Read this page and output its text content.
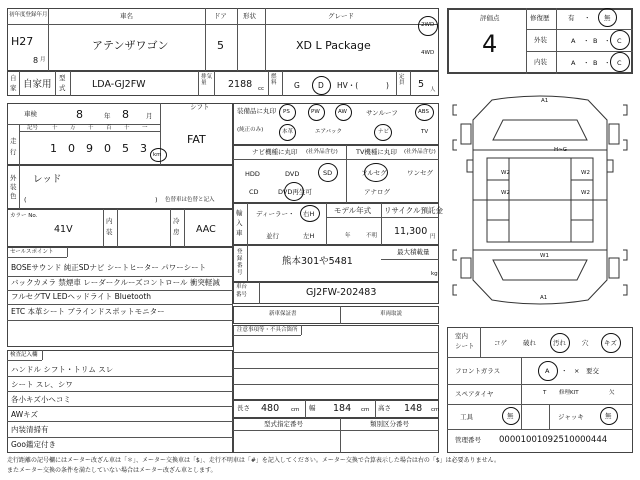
初年度登録年月
H27
8 月
車名
アテンザワゴン
ドア
5
形状	グレード
XD L Package
2WD
4WD
自
家 自家用
型
式	LDA-GJ2FW
排気量	2188 cc
燃料	G D HV・(	)
定員	5 人
評価点
4
修復歴	有 ・ 無
外装	A ・ B ・ C
内装	A ・ B ・ C
車検	8	年 8	月
シフト
FAT
走
行
記号	十 万 千 百 十 一
1 0 9 0 5 3 km
装備品に丸印
(純正のみ)
PS	PW	AW	サンルーフ	ABS
本革	エアバック	ナビ	TV
ナビ機種に丸印 (社外品含む)
HDD	DVD	SD
CD	DVD再生可
TV機種に丸印 (社外品含む)
フルセグ	ワンセグ
アナログ
外
装
色
レッド
(	) 色替車は色替と記入
カラー No.
41V
内
装
冷
房 AAC
輸
入
車
ディーラー・ 右H
並行	左H
モデル年式
年	不明
リサイクル預託金
11,300 円
セールスポイント
BOSEサウンド 純正SDナビ シートヒーター パワーシート
バックカメラ 禁煙車 レーダークルーズコントロール 衝突軽減
フルセグTV LEDヘッドライト Bluetooth
ETC 本革シート ブラインドスポットモニター
登
録
番
号
熊本301や5481
最大積載量
kg
車台
番号	GJ2FW-202483
新車保証書	車両取説
注意事項等・不具合箇所
検査記入欄
ハンドル シフト・トリム スレ
シート スレ、シワ
各小キズ小ヘコミ
AWキズ
内装清掃有
Goo鑑定付き
長さ 480 cm 幅 184 cm 高さ 148 cm
型式指定番号	類別区分番号
A1
H~G
W2	W2
W2	W2
W1
A1
室内
シート	コゲ 破れ	汚れ 穴 キズ
フロントガラス	A ・ × 要交
スペアタイヤ	T 修理KIT	欠
工具	無	ジャッキ	無
管理番号 00001001092510000444
走行距離の記号欄にはメーター改ざん車は「＊」、メーター交換車は「$」、走行不明車は「#」を記入してください。メーター交換で合算表示した場合は右の「$」は必要ありません。
またメーター交換の条件を満たしていない場合はメーター改ざん車とします。
